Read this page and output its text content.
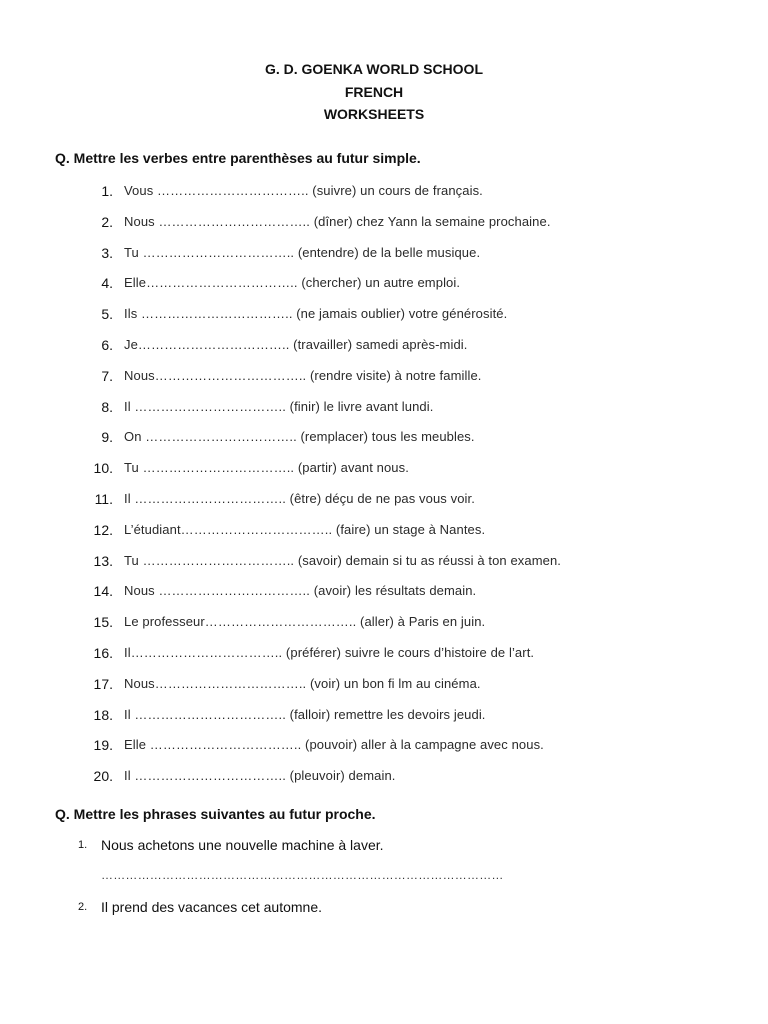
G. D. GOENKA WORLD SCHOOL
FRENCH
WORKSHEETS
Q. Mettre les verbes entre parenthèses au futur simple.
1. Vous …………………………….. (suivre) un cours de français.
2. Nous …………………………….. (dîner) chez Yann la semaine prochaine.
3. Tu …………………………….. (entendre) de la belle musique.
4. Elle…………………………….. (chercher) un autre emploi.
5. Ils …………………………….. (ne jamais oublier) votre générosité.
6. Je…………………………….. (travailler) samedi après-midi.
7. Nous…………………………….. (rendre visite) à notre famille.
8. Il …………………………….. (finir) le livre avant lundi.
9. On …………………………….. (remplacer) tous les meubles.
10. Tu …………………………….. (partir) avant nous.
11. Il …………………………….. (être) déçu de ne pas vous voir.
12. L’étudiant…………………………….. (faire) un stage à Nantes.
13. Tu …………………………….. (savoir) demain si tu as réussi à ton examen.
14. Nous …………………………….. (avoir) les résultats demain.
15. Le professeur…………………………….. (aller) à Paris en juin.
16. Il…………………………….. (préférer) suivre le cours d’histoire de l’art.
17. Nous…………………………….. (voir) un bon fi lm au cinéma.
18. Il …………………………….. (falloir) remettre les devoirs jeudi.
19. Elle …………………………….. (pouvoir) aller à la campagne avec nous.
20. Il …………………………….. (pleuvoir) demain.
Q. Mettre les phrases suivantes au futur proche.
1. Nous achetons une nouvelle machine à laver.
2. Il prend des vacances cet automne.
………………………………………………………………………………………
